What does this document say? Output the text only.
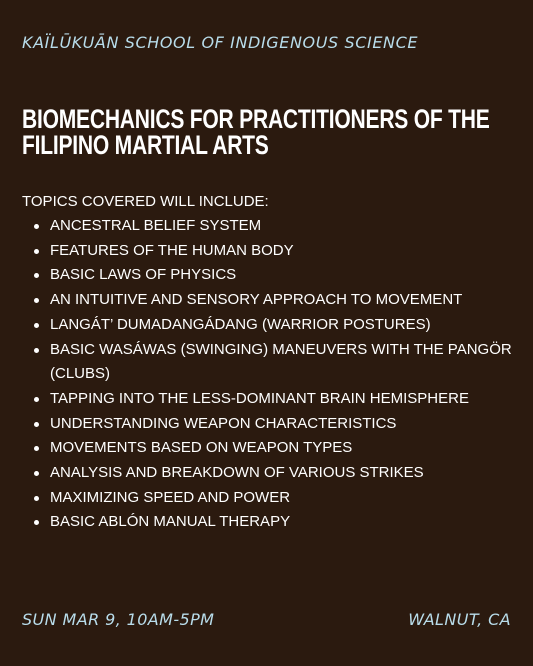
KAÏLŪKUĀN SCHOOL OF INDIGENOUS SCIENCE
BIOMECHANICS FOR PRACTITIONERS OF THE
FILIPINO MARTIAL ARTS
TOPICS COVERED WILL INCLUDE:
ANCESTRAL BELIEF SYSTEM
FEATURES OF THE HUMAN BODY
BASIC LAWS OF PHYSICS
AN INTUITIVE AND SENSORY APPROACH TO MOVEMENT
LANGÁT’ DUMADANGÁDANG (WARRIOR POSTURES)
BASIC WASÁWAS (SWINGING) MANEUVERS WITH THE PANGÖR (CLUBS)
TAPPING INTO THE LESS-DOMINANT BRAIN HEMISPHERE
UNDERSTANDING WEAPON CHARACTERISTICS
MOVEMENTS BASED ON WEAPON TYPES
ANALYSIS AND BREAKDOWN OF VARIOUS STRIKES
MAXIMIZING SPEED AND POWER
BASIC ABLÓN MANUAL THERAPY
SUN MAR 9, 10AM-5PM	WALNUT, CA
